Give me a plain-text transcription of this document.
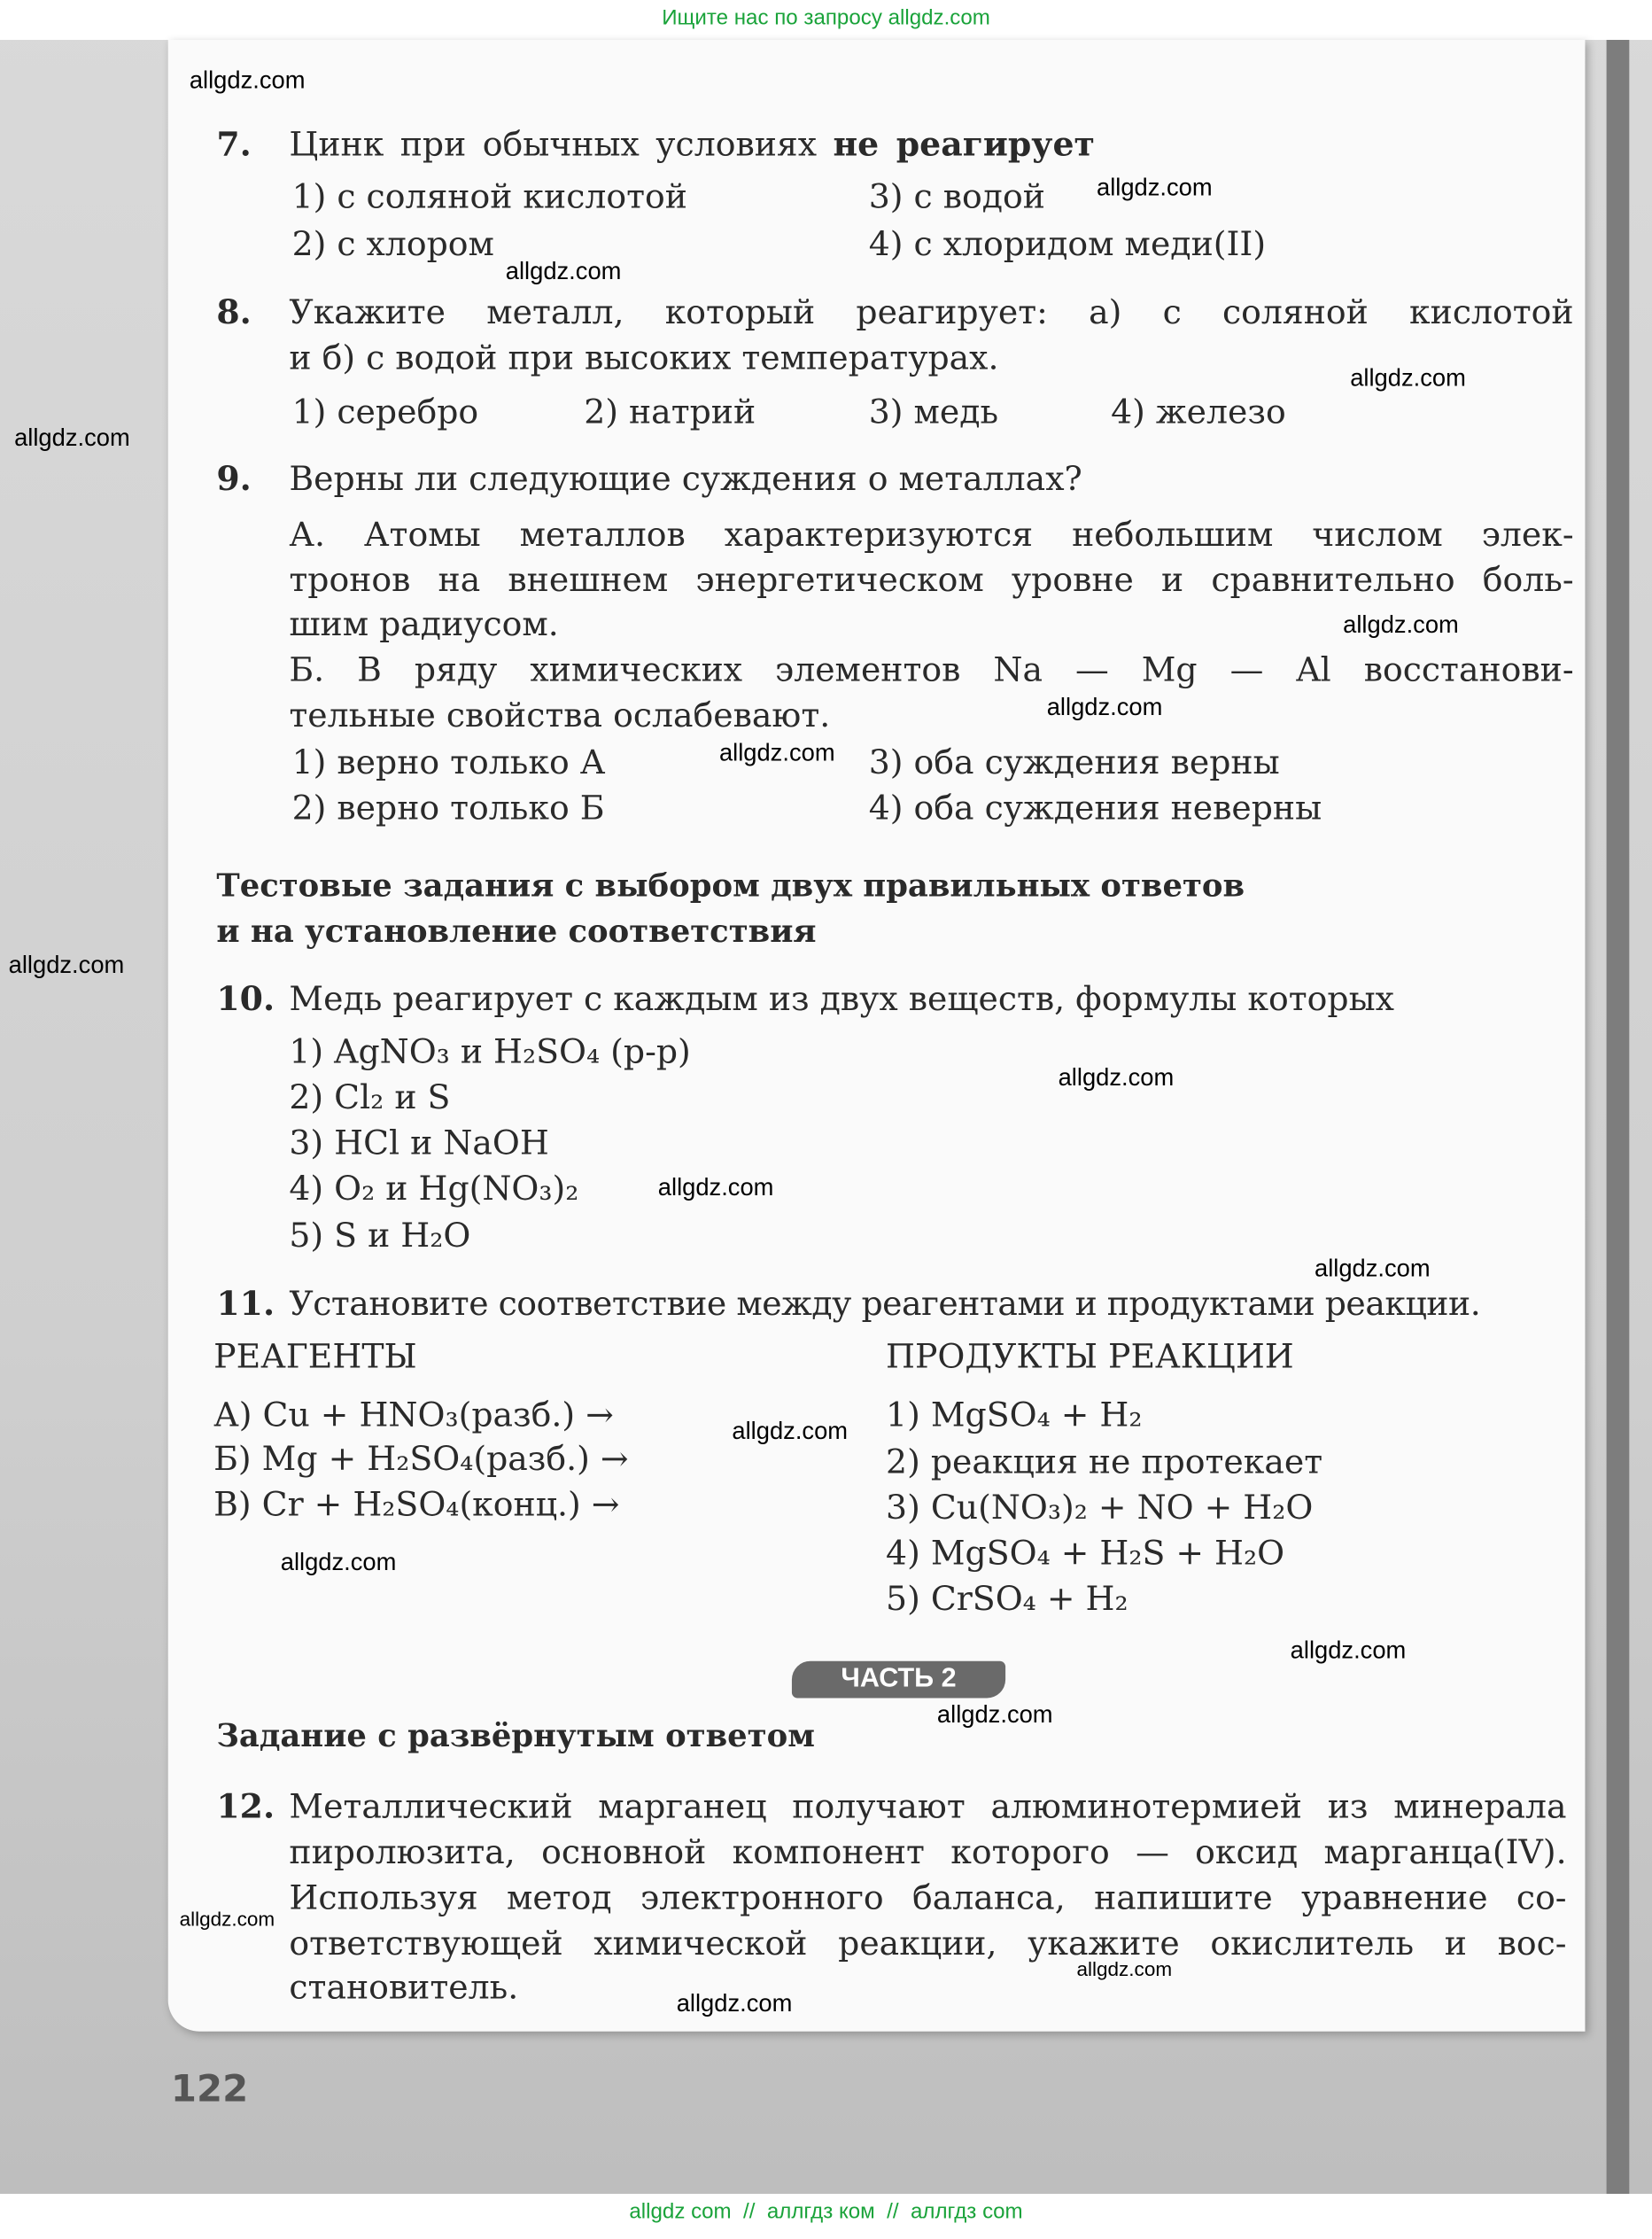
Ищите нас по запросу allgdz.com
7. Цинк при обычных условиях не реагирует
1) с соляной кислотой
2) с хлором
3) с водой
4) с хлоридом меди(II)
8. Укажите металл, который реагирует: а) с соляной кислотой
и б) с водой при высоких температурах.
1) серебро	2) натрий	3) медь	4) железо
9. Верны ли следующие суждения о металлах?
А. Атомы металлов характеризуются небольшим числом элек-
тронов на внешнем энергетическом уровне и сравнительно боль-
шим радиусом.
Б. В ряду химических элементов Na — Mg — Al восстанови-
тельные свойства ослабевают.
1) верно только А	3) оба суждения верны
2) верно только Б	4) оба суждения неверны
Тестовые задания с выбором двух правильных ответов
и на установление соответствия
10. Медь реагирует с каждым из двух веществ, формулы которых
1) AgNO₃ и H₂SO₄ (р-р)
2) Cl₂ и S
3) HCl и NaOH
4) O₂ и Hg(NO₃)₂
5) S и H₂O
11. Установите соответствие между реагентами и продуктами реакции.
РЕАГЕНТЫ	ПРОДУКТЫ РЕАКЦИИ
А) Cu + HNO₃(разб.) →
Б) Mg + H₂SO₄(разб.) →
В) Cr + H₂SO₄(конц.) →
1) MgSO₄ + H₂
2) реакция не протекает
3) Cu(NO₃)₂ + NO + H₂O
4) MgSO₄ + H₂S + H₂O
5) CrSO₄ + H₂
ЧАСТЬ 2
Задание с развёрнутым ответом
12. Металлический марганец получают алюминотермией из минерала
пиролюзита, основной компонент которого — оксид марганца(IV).
Используя метод электронного баланса, напишите уравнение со-
ответствующей химической реакции, укажите окислитель и вос-
становитель.
122
allgdz.com
allgdz.com
allgdz.com
allgdz.com
allgdz.com
allgdz.com
allgdz.com
allgdz.com
allgdz.com
allgdz.com
allgdz.com
allgdz.com
allgdz.com
allgdz.com
allgdz.com
allgdz.com
allgdz.com
allgdz.com
allgdz.com
allgdz com  //  аллгдз ком  //  аллгдз com
